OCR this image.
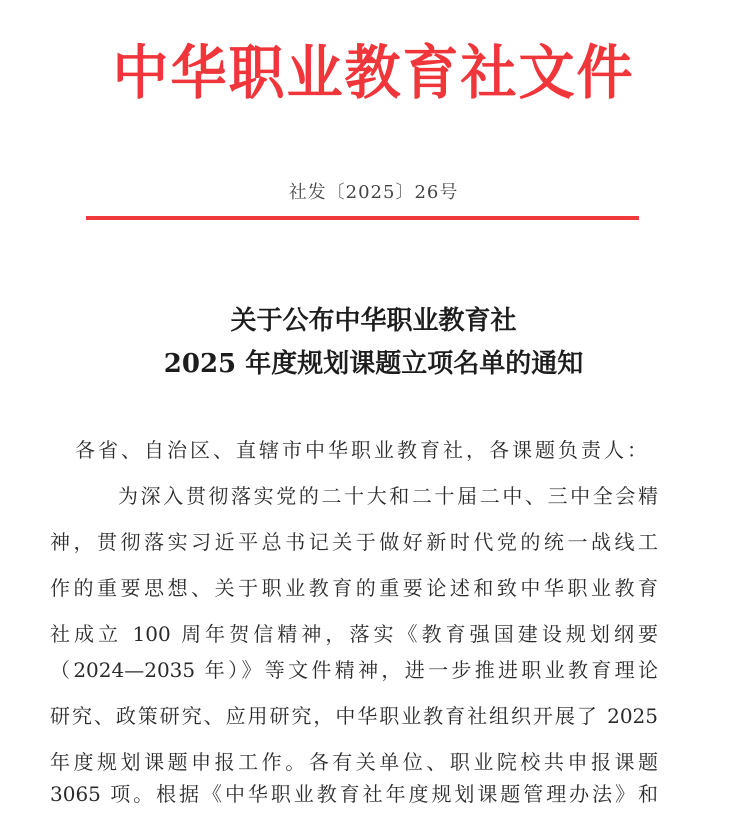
中华职业教育社文件
社发〔2025〕26号
关于公布中华职业教育社
2025 年度规划课题立项名单的通知
各省、自治区、直辖市中华职业教育社，各课题负责人：
为深入贯彻落实党的二十大和二十届二中、三中全会精
神，贯彻落实习近平总书记关于做好新时代党的统一战线工
作的重要思想、关于职业教育的重要论述和致中华职业教育
社成立 100 周年贺信精神，落实《教育强国建设规划纲要
（2024—2035 年）》等文件精神，进一步推进职业教育理论
研究、政策研究、应用研究，中华职业教育社组织开展了 2025
年度规划课题申报工作。各有关单位、职业院校共申报课题
3065 项。根据《中华职业教育社年度规划课题管理办法》和
